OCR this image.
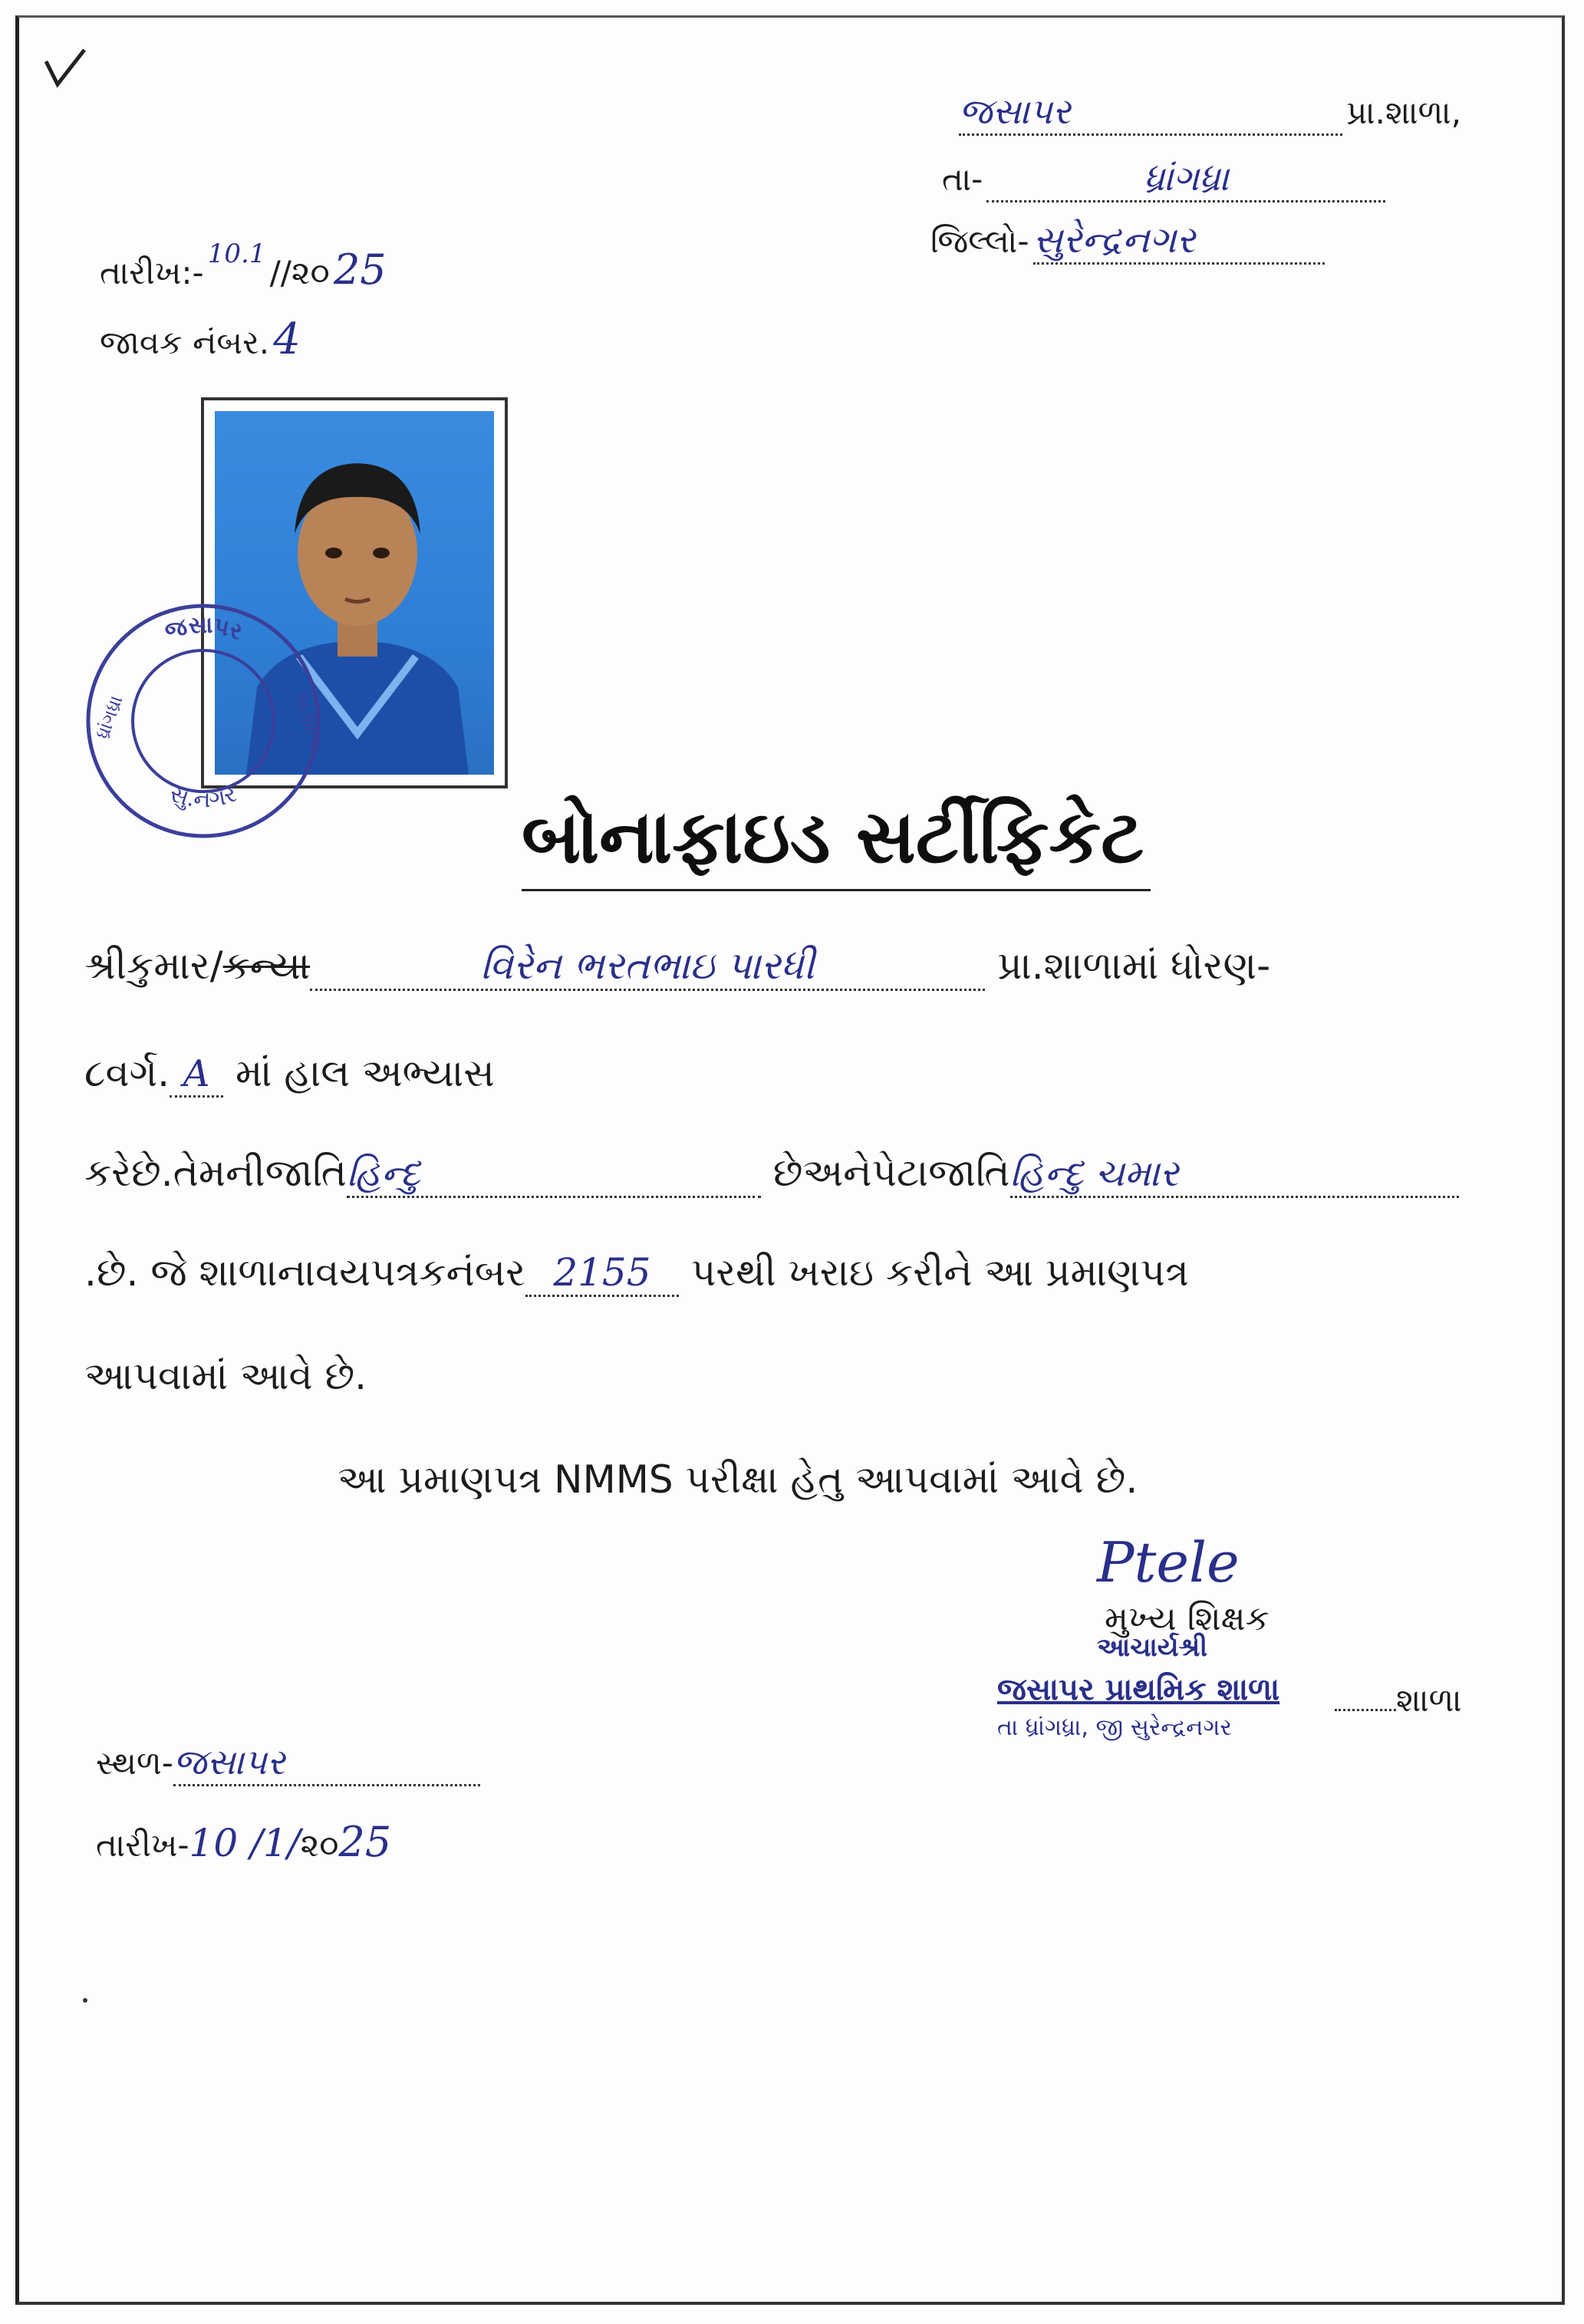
જસાપર	પ્રા.શાળા,
તા-	ધ્રાંગધ્રા
જિલ્લો- સુરેન્દ્રનગર
તારીખ:- 10.1 //૨૦ 25
જાવક નંબર. 4
જસાપર
સુ.નગર
ધ્રાંગધ્રા	પ્રા.શાળા
બોનાફાઇડ સર્ટીફિકેટ
શ્રીકુમાર/કન્યા	વિરેન ભરતભાઇ પારધી	પ્રા.શાળામાં ધોરણ-
૮વર્ગ. A માં હાલ અભ્યાસ
કરેછે.તેમનીજાતિહિન્દુ	છેઅનેપેટાજાતિહિન્દુ ચમાર
.છે. જે શાળાનાવયપત્રકનંબર 2155 પરથી ખરાઇ કરીને આ પ્રમાણપત્ર
આપવામાં આવે છે.
આ પ્રમાણપત્ર NMMS પરીક્ષા હેતુ આપવામાં આવે છે.
Ptele
મુખ્ય શિક્ષક
આચાર્યશ્રી
જસાપર પ્રાથમિક શાળા	શાળા
તા ધ્રાંગધ્રા, જી સુરેન્દ્રનગર
સ્થળ-જસાપર
તારીખ-10 /1/૨૦25
